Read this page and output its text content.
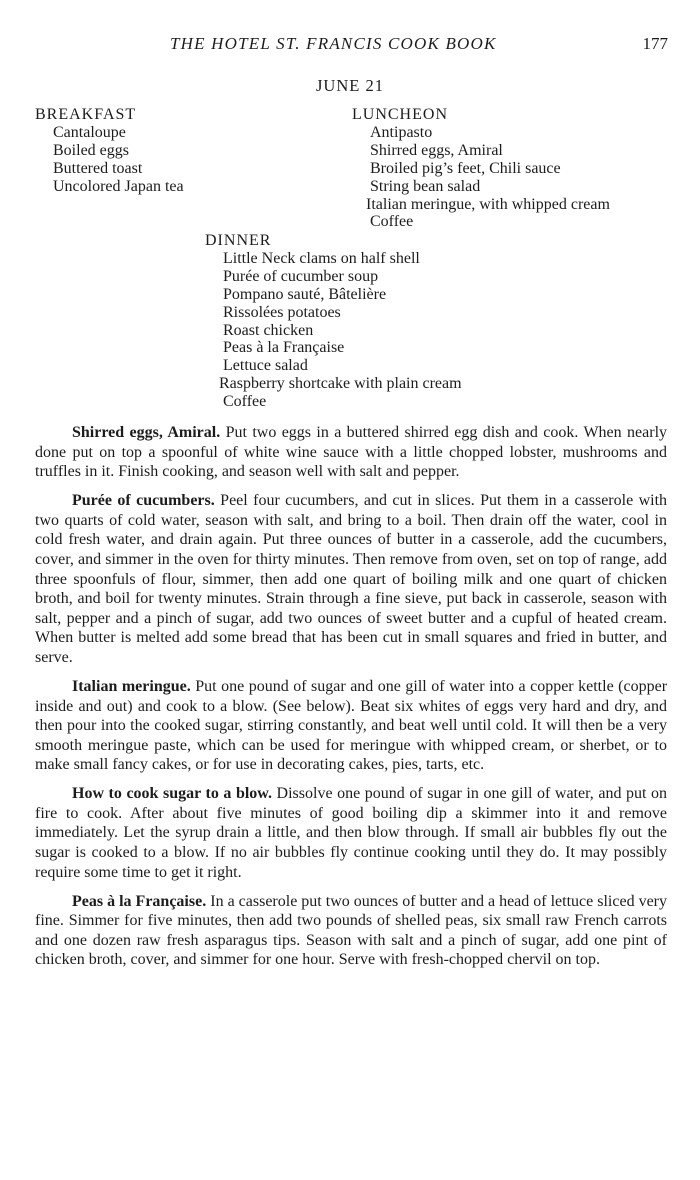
THE HOTEL ST. FRANCIS COOK BOOK	177
JUNE 21
BREAKFAST
Cantaloupe
Boiled eggs
Buttered toast
Uncolored Japan tea
LUNCHEON
Antipasto
Shirred eggs, Amiral
Broiled pig’s feet, Chili sauce
String bean salad
Italian meringue, with whipped cream
Coffee
DINNER
Little Neck clams on half shell
Purée of cucumber soup
Pompano sauté, Bâtelière
Rissolées potatoes
Roast chicken
Peas à la Française
Lettuce salad
Raspberry shortcake with plain cream
Coffee

Shirred eggs, Amiral. Put two eggs in a buttered shirred egg dish and cook. When nearly done put on top a spoonful of white wine sauce with a little chopped lobster, mushrooms and truffles in it. Finish cooking, and season well with salt and pepper.

Purée of cucumbers. Peel four cucumbers, and cut in slices. Put them in a casserole with two quarts of cold water, season with salt, and bring to a boil. Then drain off the water, cool in cold fresh water, and drain again. Put three ounces of butter in a casserole, add the cucumbers, cover, and simmer in the oven for thirty minutes. Then remove from oven, set on top of range, add three spoonfuls of flour, simmer, then add one quart of boiling milk and one quart of chicken broth, and boil for twenty minutes. Strain through a fine sieve, put back in casserole, season with salt, pepper and a pinch of sugar, add two ounces of sweet butter and a cupful of heated cream. When butter is melted add some bread that has been cut in small squares and fried in butter, and serve.

Italian meringue. Put one pound of sugar and one gill of water into a copper kettle (copper inside and out) and cook to a blow. (See below). Beat six whites of eggs very hard and dry, and then pour into the cooked sugar, stirring constantly, and beat well until cold. It will then be a very smooth meringue paste, which can be used for meringue with whipped cream, or sherbet, or to make small fancy cakes, or for use in decorating cakes, pies, tarts, etc.

How to cook sugar to a blow. Dissolve one pound of sugar in one gill of water, and put on fire to cook. After about five minutes of good boiling dip a skimmer into it and remove immediately. Let the syrup drain a little, and then blow through. If small air bubbles fly out the sugar is cooked to a blow. If no air bubbles fly continue cooking until they do. It may possibly require some time to get it right.

Peas à la Française. In a casserole put two ounces of butter and a head of lettuce sliced very fine. Simmer for five minutes, then add two pounds of shelled peas, six small raw French carrots and one dozen raw fresh asparagus tips. Season with salt and a pinch of sugar, add one pint of chicken broth, cover, and simmer for one hour. Serve with fresh-chopped chervil on top.
